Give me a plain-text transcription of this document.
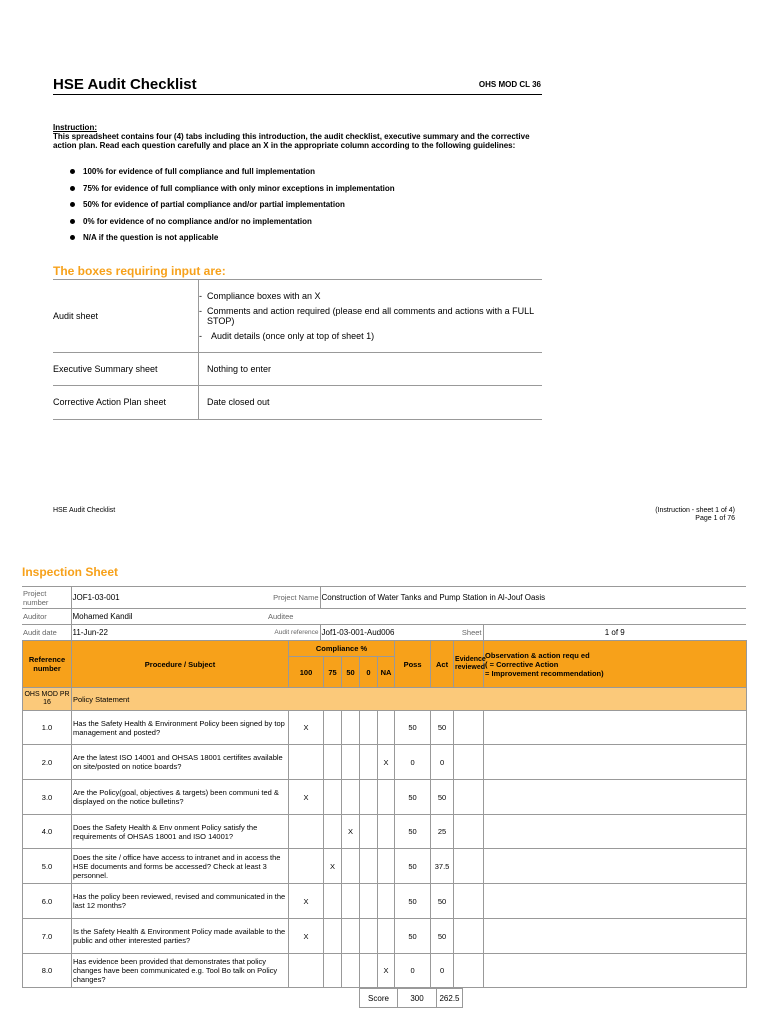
HSE Audit Checklist	OHS MOD CL 36
Instruction:
This spreadsheet contains four (4) tabs including this introduction, the audit checklist, executive summary and the corrective action plan. Read each question carefully and place an X in the appropriate column according to the following guidelines:
100% for evidence of full compliance and full implementation
75% for evidence of full compliance with only minor exceptions in implementation
50% for evidence of partial compliance and/or partial implementation
0% for evidence of no compliance and/or no implementation
N/A if the question is not applicable
The boxes requiring input are:
Audit sheet	- Compliance boxes with an X
- Comments and action required (please end all comments and actions with a FULL STOP)
- Audit details (once only at top of sheet 1)

Executive Summary sheet	Nothing to enter
Corrective Action Plan sheet	Date closed out
HSE Audit Checklist	(Instruction - sheet 1 of 4)
Page 1 of 76
Inspection Sheet
Project number	JOF1-03-001	Project Name	Construction of Water Tanks and Pump Station in Al-Jouf Oasis		
Auditor	Mohamed Kandil	Auditee			
Audit date	11-Jun-22	Audit reference	Jof1-03-001-Aud006	Sheet	1 of 9
Reference number	Procedure / Subject	Compliance %					Poss	Act	Evidence reviewed	Observation & action requ ed
( = Corrective Action
= Improvement recommendation)

		100	75	50	0	NA				
OHS MOD PR 16	Policy Statement									
1.0	Has the Safety Health & Environment Policy been signed by top management and posted?	X					50	50		
2.0	Are the latest ISO 14001 and OHSAS 18001 certifites available on site/posted on notice boards?					X	0	0		
3.0	Are the Policy(goal, objectives & targets) been communi ted & displayed on the notice bulletins?	X					50	50		
4.0	Does the Safety Health & Env onment Policy satisfy the requirements of OHSAS 18001 and ISO 14001?			X			50	25		
5.0	Does the site / office have access to intranet and in access the HSE documents and forms be accessed? Check at least 3 personnel.		X				50	37.5		
6.0	Has the policy been reviewed, revised and communicated in the last 12 months?	X					50	50		
7.0	Is the Safety Health & Environment Policy made available to the public and other interested parties?	X					50	50		
8.0	Has evidence been provided that demonstrates that policy changes have been communicated e.g. Tool Bo talk on Policy changes?					X	0	0		
Score	300	262.5
